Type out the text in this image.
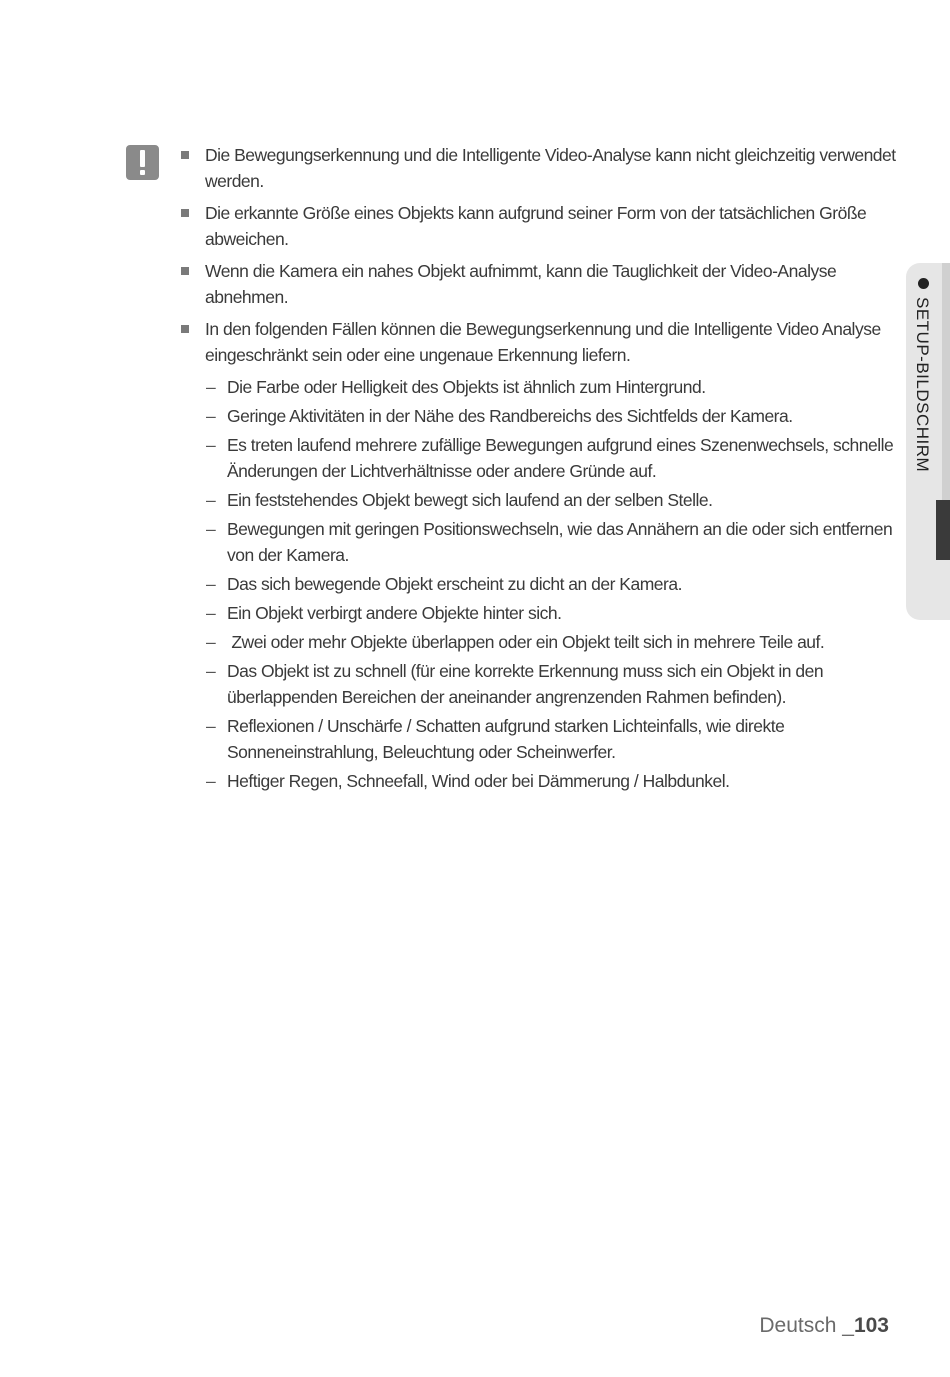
Die Bewegungserkennung und die Intelligente Video-Analyse kann nicht gleichzeitig verwendet werden.
Die erkannte Größe eines Objekts kann aufgrund seiner Form von der tatsächlichen Größe abweichen.
Wenn die Kamera ein nahes Objekt aufnimmt, kann die Tauglichkeit der Video-Analyse abnehmen.
In den folgenden Fällen können die Bewegungserkennung und die Intelligente Video Analyse eingeschränkt sein oder eine ungenaue Erkennung liefern.
– Die Farbe oder Helligkeit des Objekts ist ähnlich zum Hintergrund.
– Geringe Aktivitäten in der Nähe des Randbereichs des Sichtfelds der Kamera.
– Es treten laufend mehrere zufällige Bewegungen aufgrund eines Szenenwechsels, schnelle Änderungen der Lichtverhältnisse oder andere Gründe auf.
– Ein feststehendes Objekt bewegt sich laufend an der selben Stelle.
– Bewegungen mit geringen Positionswechseln, wie das Annähern an die oder sich entfernen von der Kamera.
– Das sich bewegende Objekt erscheint zu dicht an der Kamera.
– Ein Objekt verbirgt andere Objekte hinter sich.
– Zwei oder mehr Objekte überlappen oder ein Objekt teilt sich in mehrere Teile auf.
– Das Objekt ist zu schnell (für eine korrekte Erkennung muss sich ein Objekt in den überlappenden Bereichen der aneinander angrenzenden Rahmen befinden).
– Reflexionen / Unschärfe / Schatten aufgrund starken Lichteinfalls, wie direkte Sonneneinstrahlung, Beleuchtung oder Scheinwerfer.
– Heftiger Regen, Schneefall, Wind oder bei Dämmerung / Halbdunkel.
SETUP-BILDSCHIRM
Deutsch _103
